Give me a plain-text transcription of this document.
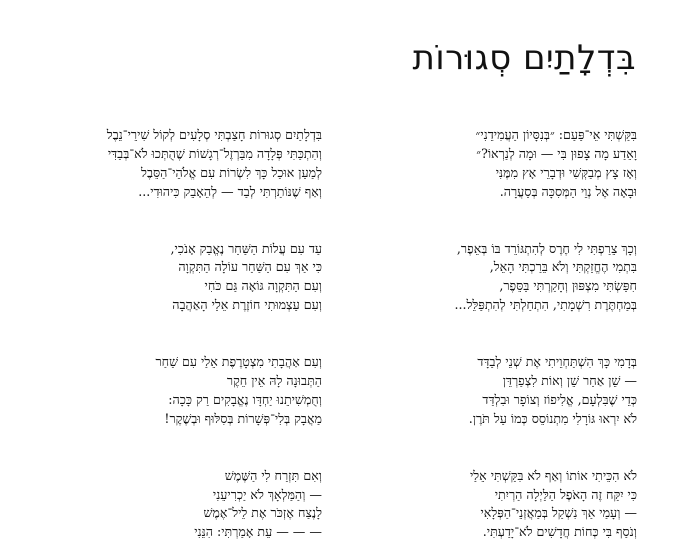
בִּדְלָתַיִם סְגוּרוֹת
בִּקַּשְׁתִּי אֵי־פַּעַם: ״בְּנִסָּיוֹן הַעֲמִידֵנִי״
וָאֵדַע מָה צָפוּן בִּי — וּמָה לְנַרְאוֹ?״
וְאָז צָץ מְבַקְּשִׁי וּדְבָרֵי אָץ מִמֶּנִּי
וּבָאָה אֶל נְוֵי הַמְּסִכָּה בְּסַעֲרָה.
וְכָךְ צֵרַפְתִּי לִי חֶרֶס לְהִתְגּוֹרֵד בּוֹ בְּאֵפֶר,
בִּתְמִי הֶחֱזַקְתִּי וְלֹא בֵּרַכְתִּי הָאֵל,
חִפַּשְׂתִּי מִצְפּוּן וְחָקַרְתִּי בַּסֵּפֶר,
בְּמַחְתֶּרֶת רִשְׁמָתִי, הִתְחַלְתִּי לְהִתְפַּלֵּל...
בְּדָמִי כָּךְ הִשְׁתַּחְוֵיתִי אֶת שְׁנֵי לְבַדָּד
— שֵׁן אַחַר שֵׁן וְאוֹת לִצְפַרְדֵּן
כְּדֵי שֶׁבִּלְעָם, אֱלִיפוֹז וְצוֹפָר וּבִלְדַּד
לֹא יִרְאוּ גּוֹרָלִי מִתְנוֹסֵס כְּמוֹ עַל תֹּרֶן.
לֹא הִכֵּיתִי אוֹתוֹ וְאַף לֹא בִּקַּשְׁתִּי אֵלַי
כִּי יִקַּח זֶה הָאֹפֶל הַלַּיְלָה הַרְיִתִי
— וְעָמַי אַךְ נִשְׁקַל בְּמַאֲזְנֵי־הַפְּלָאִי
וְנֹסַף בִּי כְּחוֹת חֲדָשִׁים לֹא־יָדַעְתִּי.
בִּדְלָתַיִם סְגוּרוֹת חָצַבְתִּי סְלָעִים לְקוֹל שִׁירֵי־נֵבֶל
וְהִתְכַּתִּי פְּלָדָה מִבַּרְזֶל־רְגָשׁוֹת שֶׁהֻתְּכוּ לֹא־בְּבַדִּי
לְמַעַן אוּכַל כָּךְ לִשְׂרוֹת עִם אֱלֹהֵי־הַסֵּבֶל
וְאַף שֶׁנּוֹתַרְתִּי לְבַד — לְהֵאָבֵק כִּיהוּדִי...
עַד עִם עֲלוֹת הַשַּׁחַר נֶאֱבַק אָנֹכִי,
כִּי אַךְ עִם הַשַּׁחַר עוֹלָה הַתִּקְוָה
וְעִם הַתִּקְוָה גּוֹאָה גַּם כֹּחִי
וְעִם עַצְמוּתִי חוֹזֶרֶת אֵלַי הָאַהֲבָה
וְעִם אַהֲבָתִי מִצְטָרֶפֶת אֵלַי עִם שַׁחַר
הַתְּבוּנָה לָהּ אֵין חֵקֶר
וְחֻמְשִׁיתֵנוּ יַחְדָּו נֶאֱבָקִים רַק כָּכָה:
מַאֲבָק בְּלִי־פְּשָׁרוֹת בְּסִלּוּף וּבְשֶׁקֶר!
וְאִם תִּזְרַח לִי הַשֶּׁמֶשׁ
— וְהַמַּלְאָךְ לֹא יַכְרִיעֵנִי
לָנֶצַח אֶזְכֹּר אֶת לֵיל־אֶמֶשׁ
— — — עֵת אָמַרְתִּי: הִנֵּנִי
